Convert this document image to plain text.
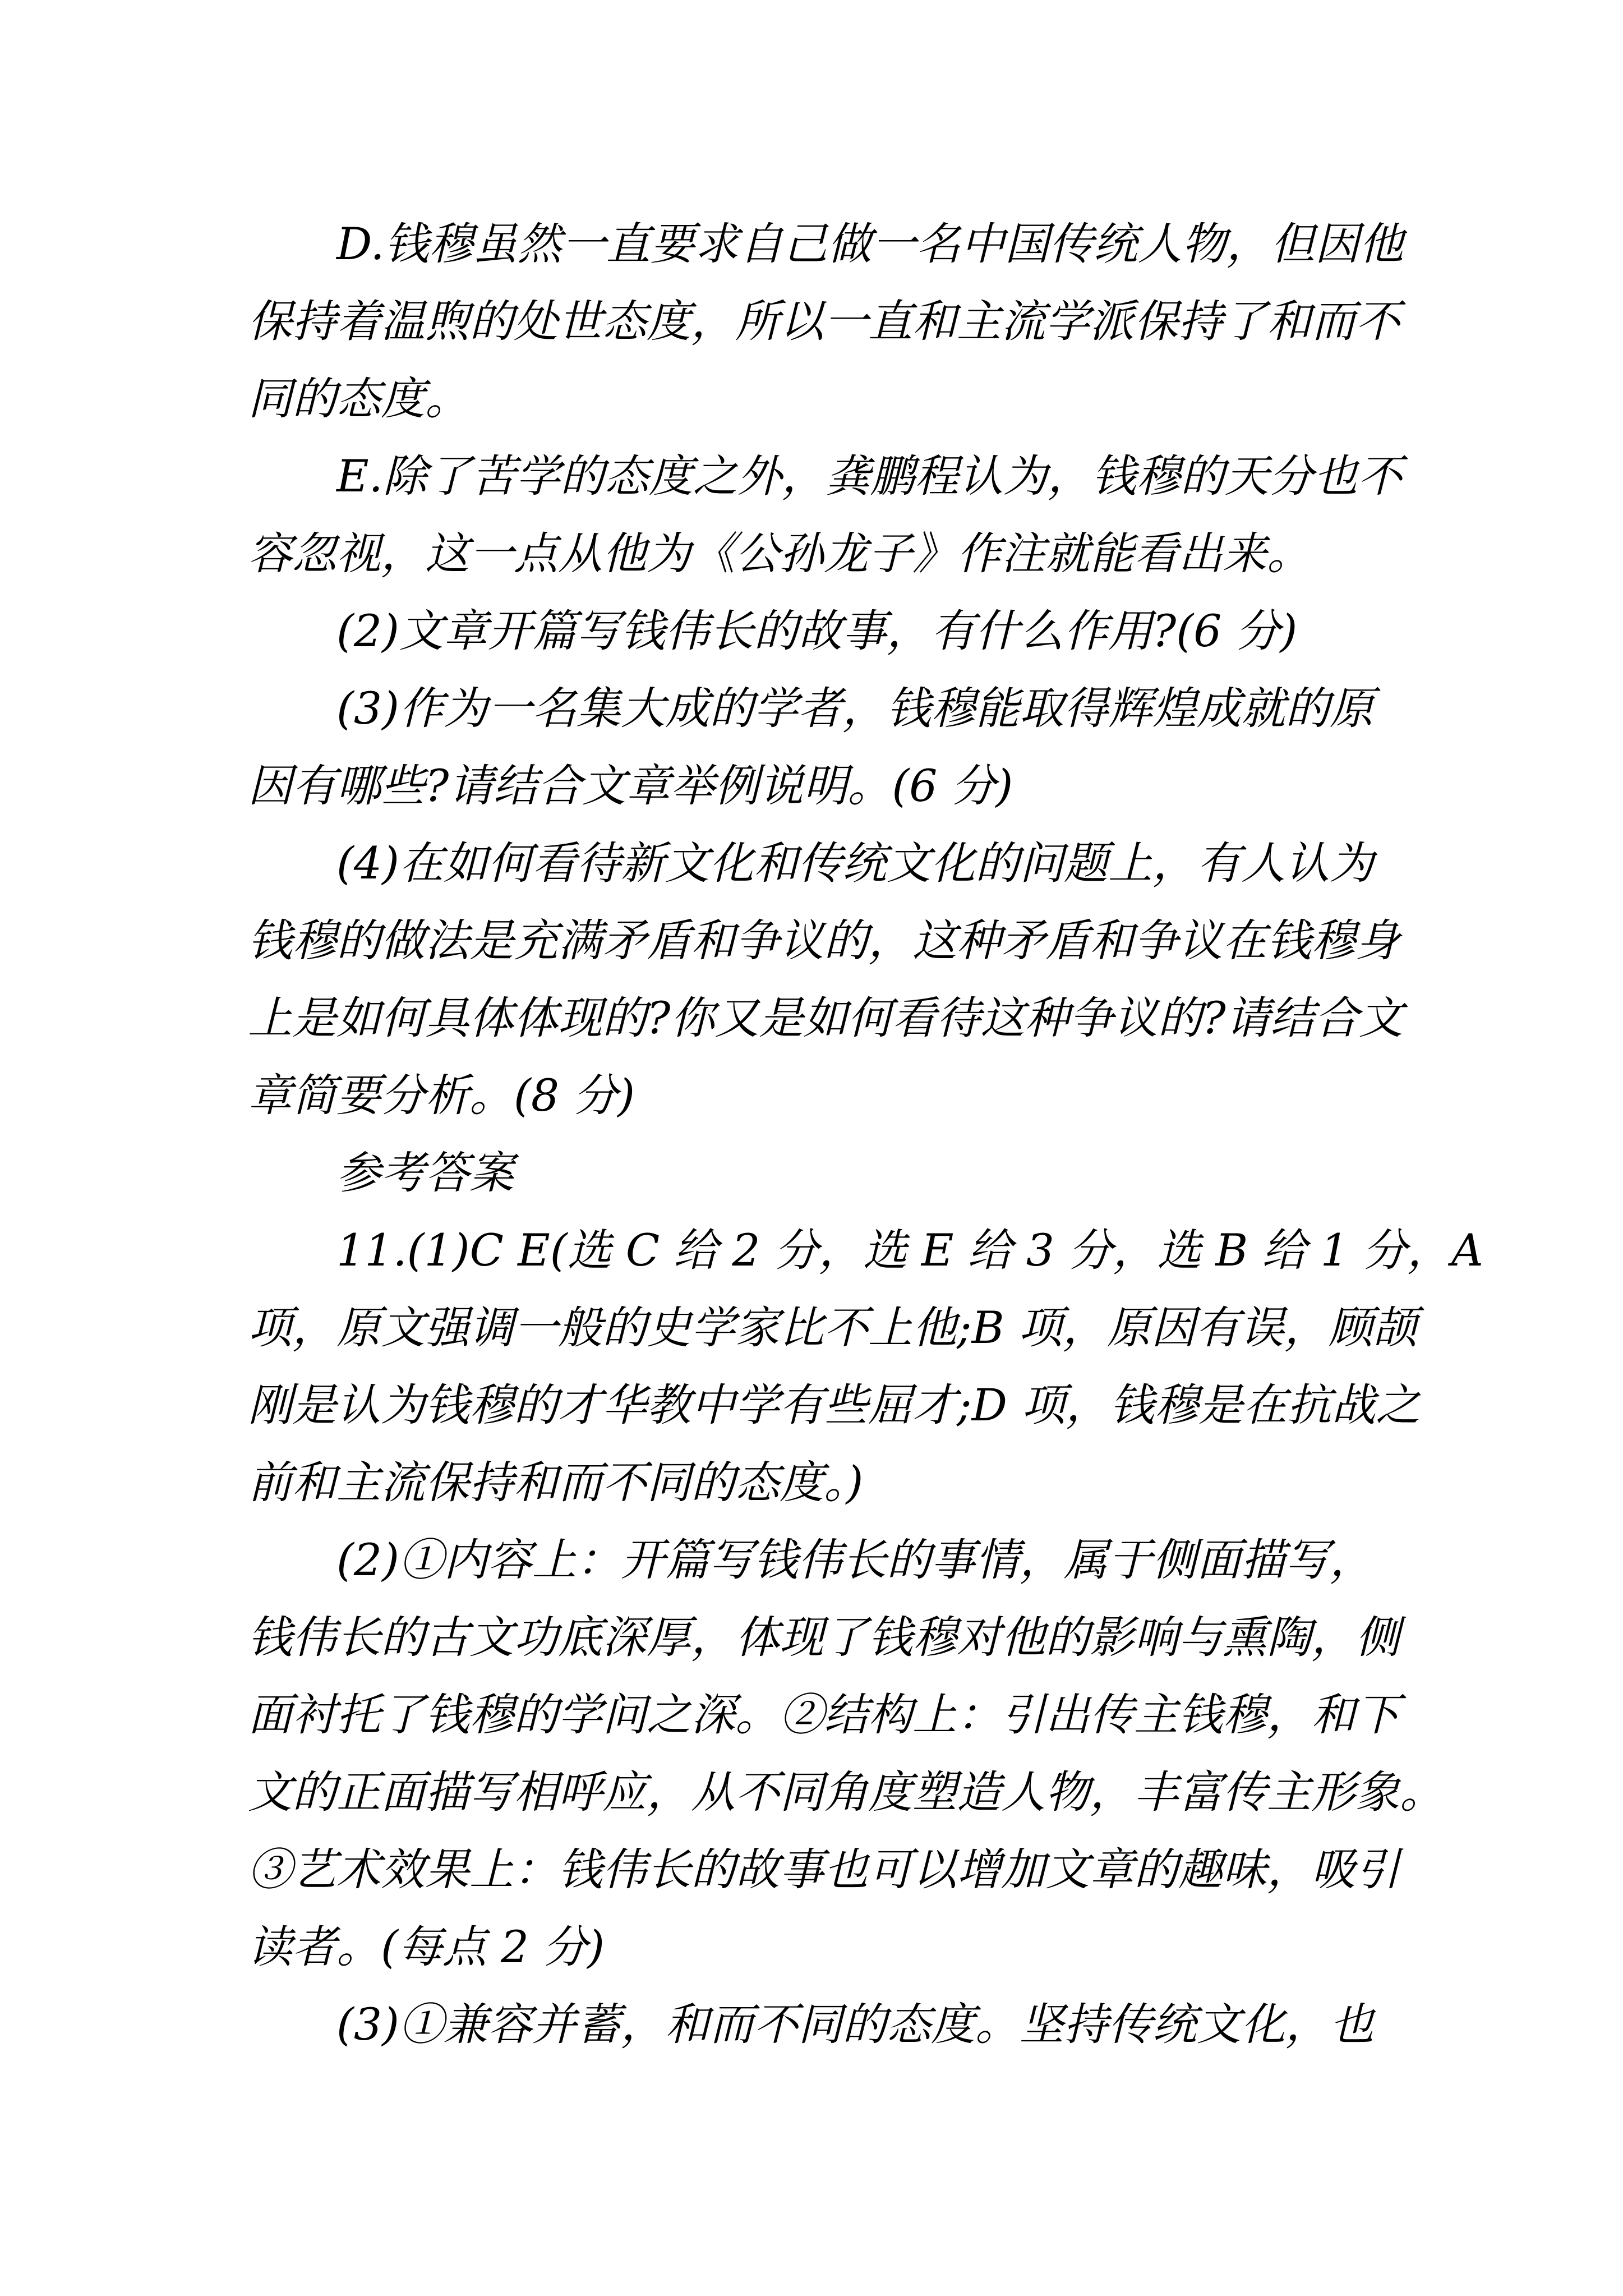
D.钱穆虽然一直要求自己做一名中国传统人物，但因他
保持着温煦的处世态度，所以一直和主流学派保持了和而不
同的态度。
E.除了苦学的态度之外，龚鹏程认为，钱穆的天分也不
容忽视，这一点从他为《公孙龙子》作注就能看出来。
(2)文章开篇写钱伟长的故事，有什么作用?(6 分)
(3)作为一名集大成的学者，钱穆能取得辉煌成就的原
因有哪些?请结合文章举例说明。(6 分)
(4)在如何看待新文化和传统文化的问题上，有人认为
钱穆的做法是充满矛盾和争议的，这种矛盾和争议在钱穆身
上是如何具体体现的?你又是如何看待这种争议的?请结合文
章简要分析。(8 分)
参考答案
11.(1)C E(选 C 给 2 分，选 E 给 3 分，选 B 给 1 分，A
项，原文强调一般的史学家比不上他;B 项，原因有误，顾颉
刚是认为钱穆的才华教中学有些屈才;D 项，钱穆是在抗战之
前和主流保持和而不同的态度。)
(2)①内容上：开篇写钱伟长的事情，属于侧面描写，
钱伟长的古文功底深厚，体现了钱穆对他的影响与熏陶，侧
面衬托了钱穆的学问之深。②结构上：引出传主钱穆，和下
文的正面描写相呼应，从不同角度塑造人物，丰富传主形象。
③艺术效果上：钱伟长的故事也可以增加文章的趣味，吸引
读者。(每点 2 分)
(3)①兼容并蓄，和而不同的态度。坚持传统文化，也
